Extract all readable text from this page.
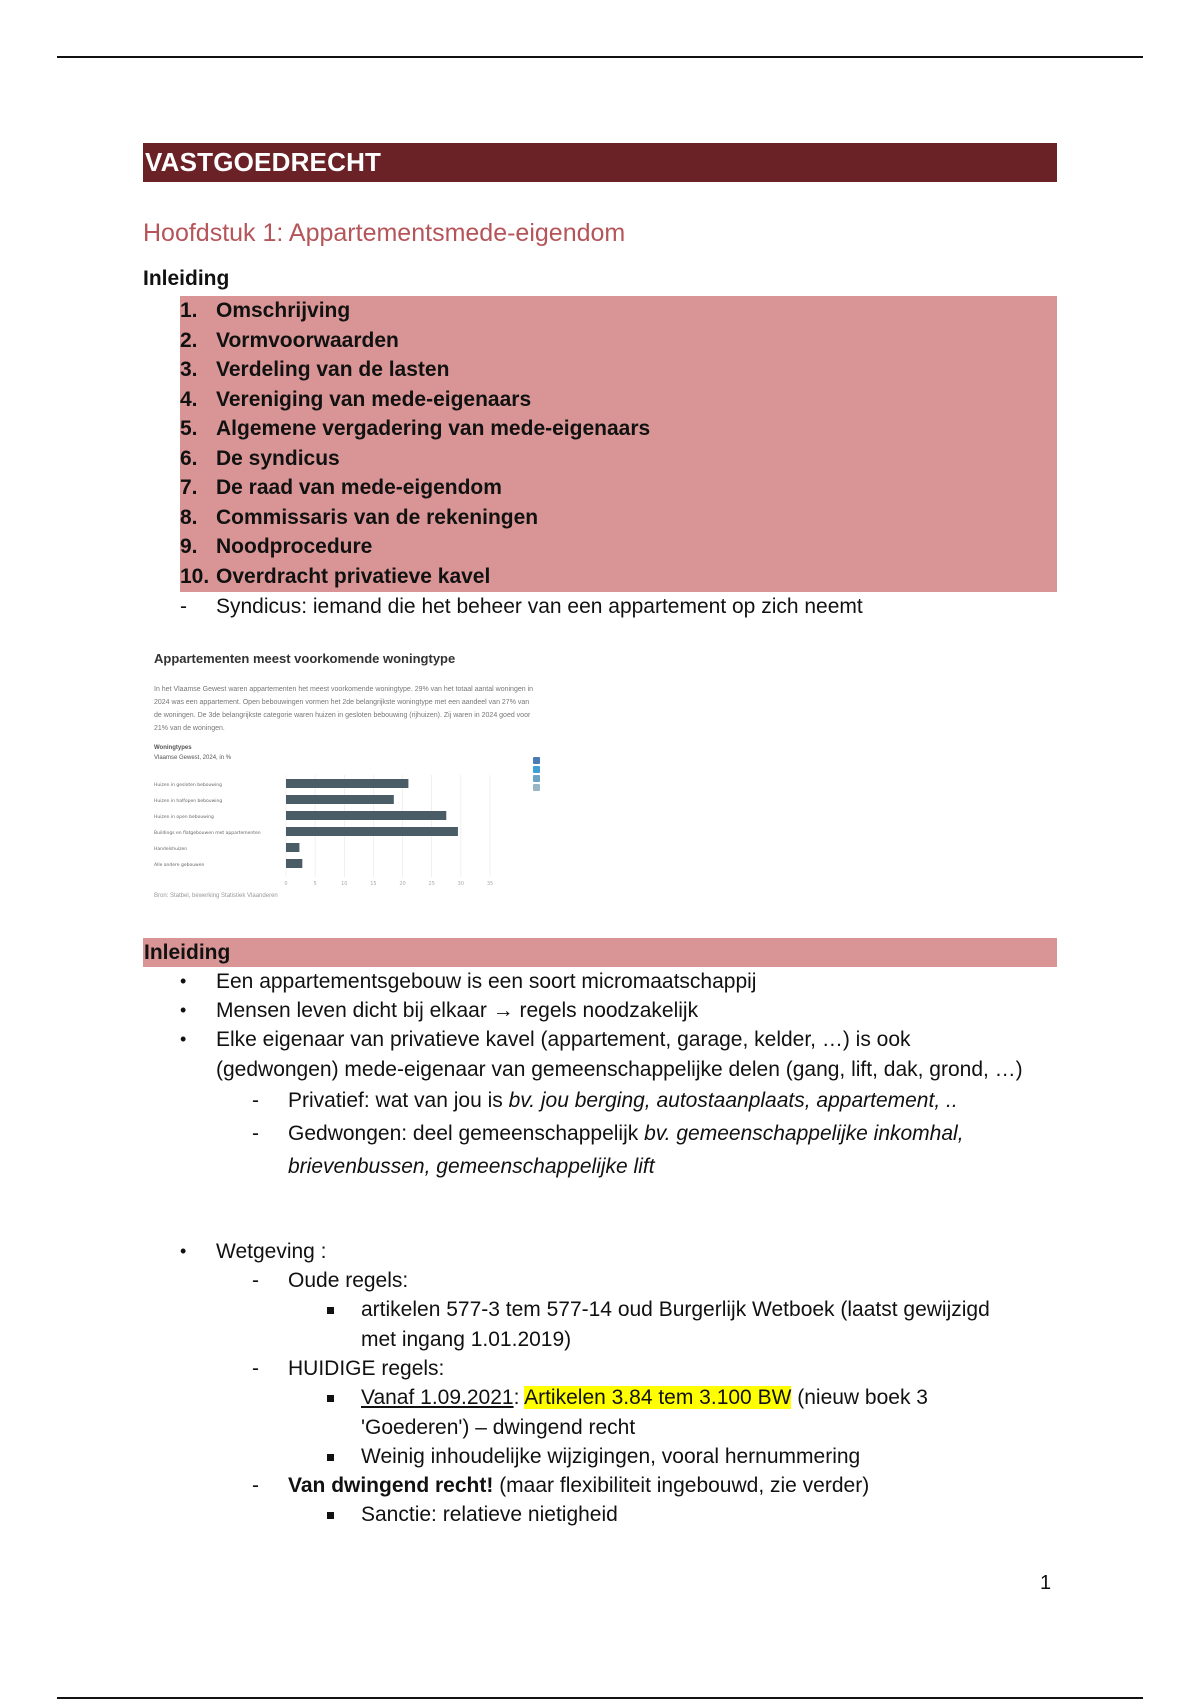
VASTGOEDRECHT
Hoofdstuk 1: Appartementsmede-eigendom
Inleiding
1. Omschrijving
2. Vormvoorwaarden
3. Verdeling van de lasten
4. Vereniging van mede-eigenaars
5. Algemene vergadering van mede-eigenaars
6. De syndicus
7. De raad van mede-eigendom
8. Commissaris van de rekeningen
9. Noodprocedure
10. Overdracht privatieve kavel
-	Syndicus: iemand die het beheer van een appartement op zich neemt
Appartementen meest voorkomende woningtype
In het Vlaamse Gewest waren appartementen het meest voorkomende woningtype. 29% van het totaal aantal woningen in 2024 was een appartement. Open bebouwingen vormen het 2de belangrijkste woningtype met een aandeel van 27% van de woningen. De 3de belangrijkste categorie waren huizen in gesloten bebouwing (rijhuizen). Zij waren in 2024 goed voor 21% van de woningen.
Woningtypes
Vlaamse Gewest, 2024, in %
0	5	10	15	20	25	30	35
Huizen in gesloten bebouwing
Huizen in halfopen bebouwing
Huizen in open bebouwing
Buildings en flatgebouwen met appartementen
Handelshuizen
Alle andere gebouwen
Bron: Statbel, bewerking Statistiek Vlaanderen
Inleiding
• Een appartementsgebouw is een soort micromaatschappij
• Mensen leven dicht bij elkaar → regels noodzakelijk
• Elke eigenaar van privatieve kavel (appartement, garage, kelder, …) is ook
(gedwongen) mede-eigenaar van gemeenschappelijke delen (gang, lift, dak, grond, …)
- Privatief: wat van jou is bv. jou berging, autostaanplaats, appartement, ..
- Gedwongen: deel gemeenschappelijk bv. gemeenschappelijke inkomhal,
brievenbussen, gemeenschappelijke lift
• Wetgeving :
- Oude regels:
artikelen 577-3 tem 577-14 oud Burgerlijk Wetboek (laatst gewijzigd
met ingang 1.01.2019)
- HUIDIGE regels:
Vanaf 1.09.2021: Artikelen 3.84 tem 3.100 BW (nieuw boek 3
'Goederen') – dwingend recht
Weinig inhoudelijke wijzigingen, vooral hernummering
- Van dwingend recht! (maar flexibiliteit ingebouwd, zie verder)
Sanctie: relatieve nietigheid
1
